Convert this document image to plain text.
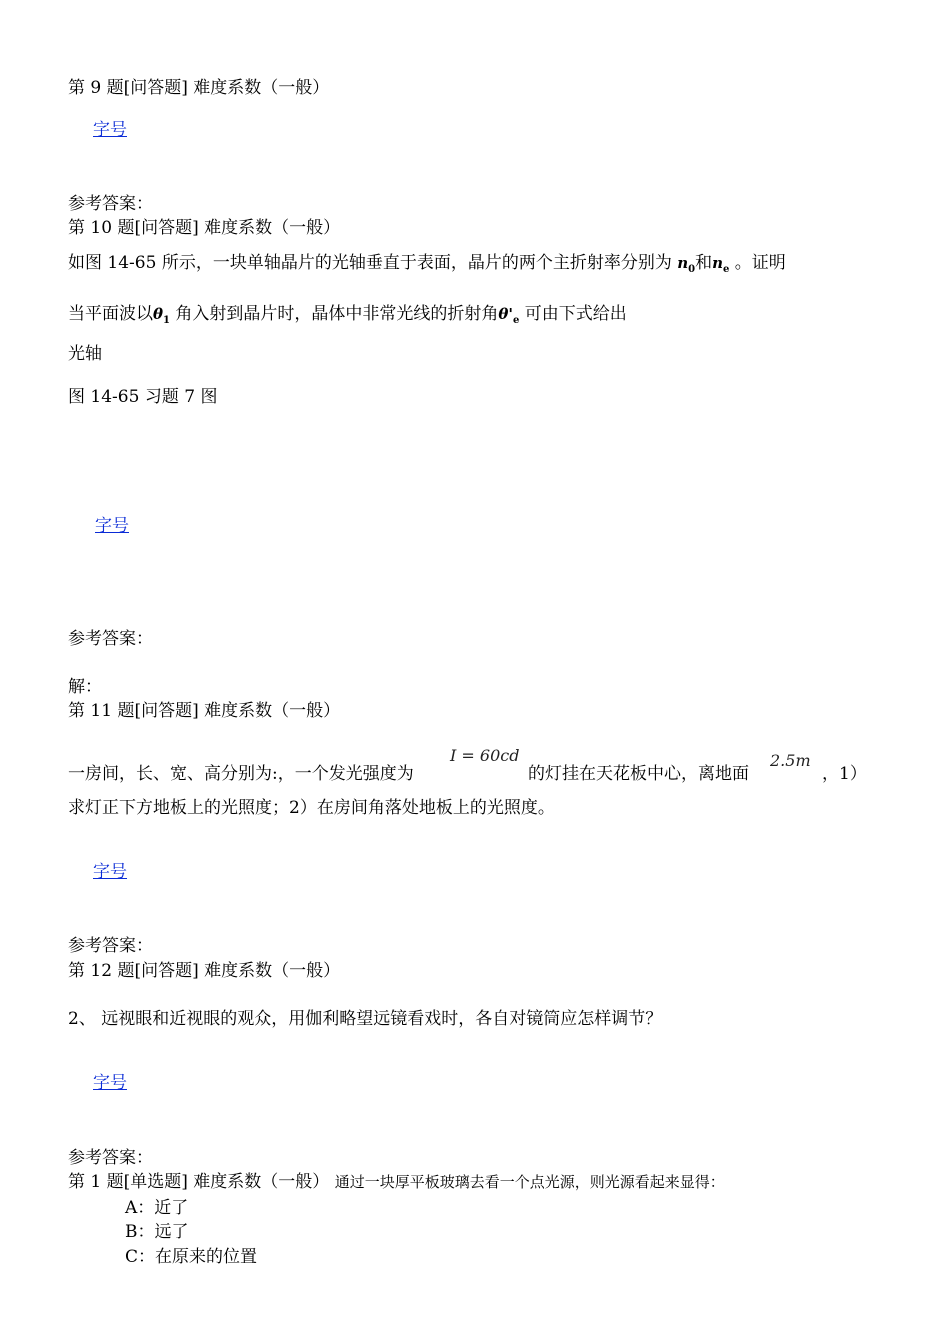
第 9 题[问答题] 难度系数（一般）
字号
参考答案：
第 10 题[问答题] 难度系数（一般）
如图 14-65 所示，一块单轴晶片的光轴垂直于表面，晶片的两个主折射率分别为 $n_0$和$n_e$ 。证明
当平面波以$\theta_1$ 角入射到晶片时，晶体中非常光线的折射角$\theta'_e$ 可由下式给出
光轴
图 14-65 习题 7 图
字号
参考答案：
解：
第 11 题[问答题] 难度系数（一般）
一房间，长、宽、高分别为:，一个发光强度为
I = 60cd
的灯挂在天花板中心，离地面
2.5m
，1）
求灯正下方地板上的光照度；2）在房间角落处地板上的光照度。
字号
参考答案：
第 12 题[问答题] 难度系数（一般）
2、 远视眼和近视眼的观众，用伽利略望远镜看戏时，各自对镜筒应怎样调节？
字号
参考答案：
第 1 题[单选题] 难度系数（一般） 通过一块厚平板玻璃去看一个点光源，则光源看起来显得：
A：近了
B：远了
C：在原来的位置
